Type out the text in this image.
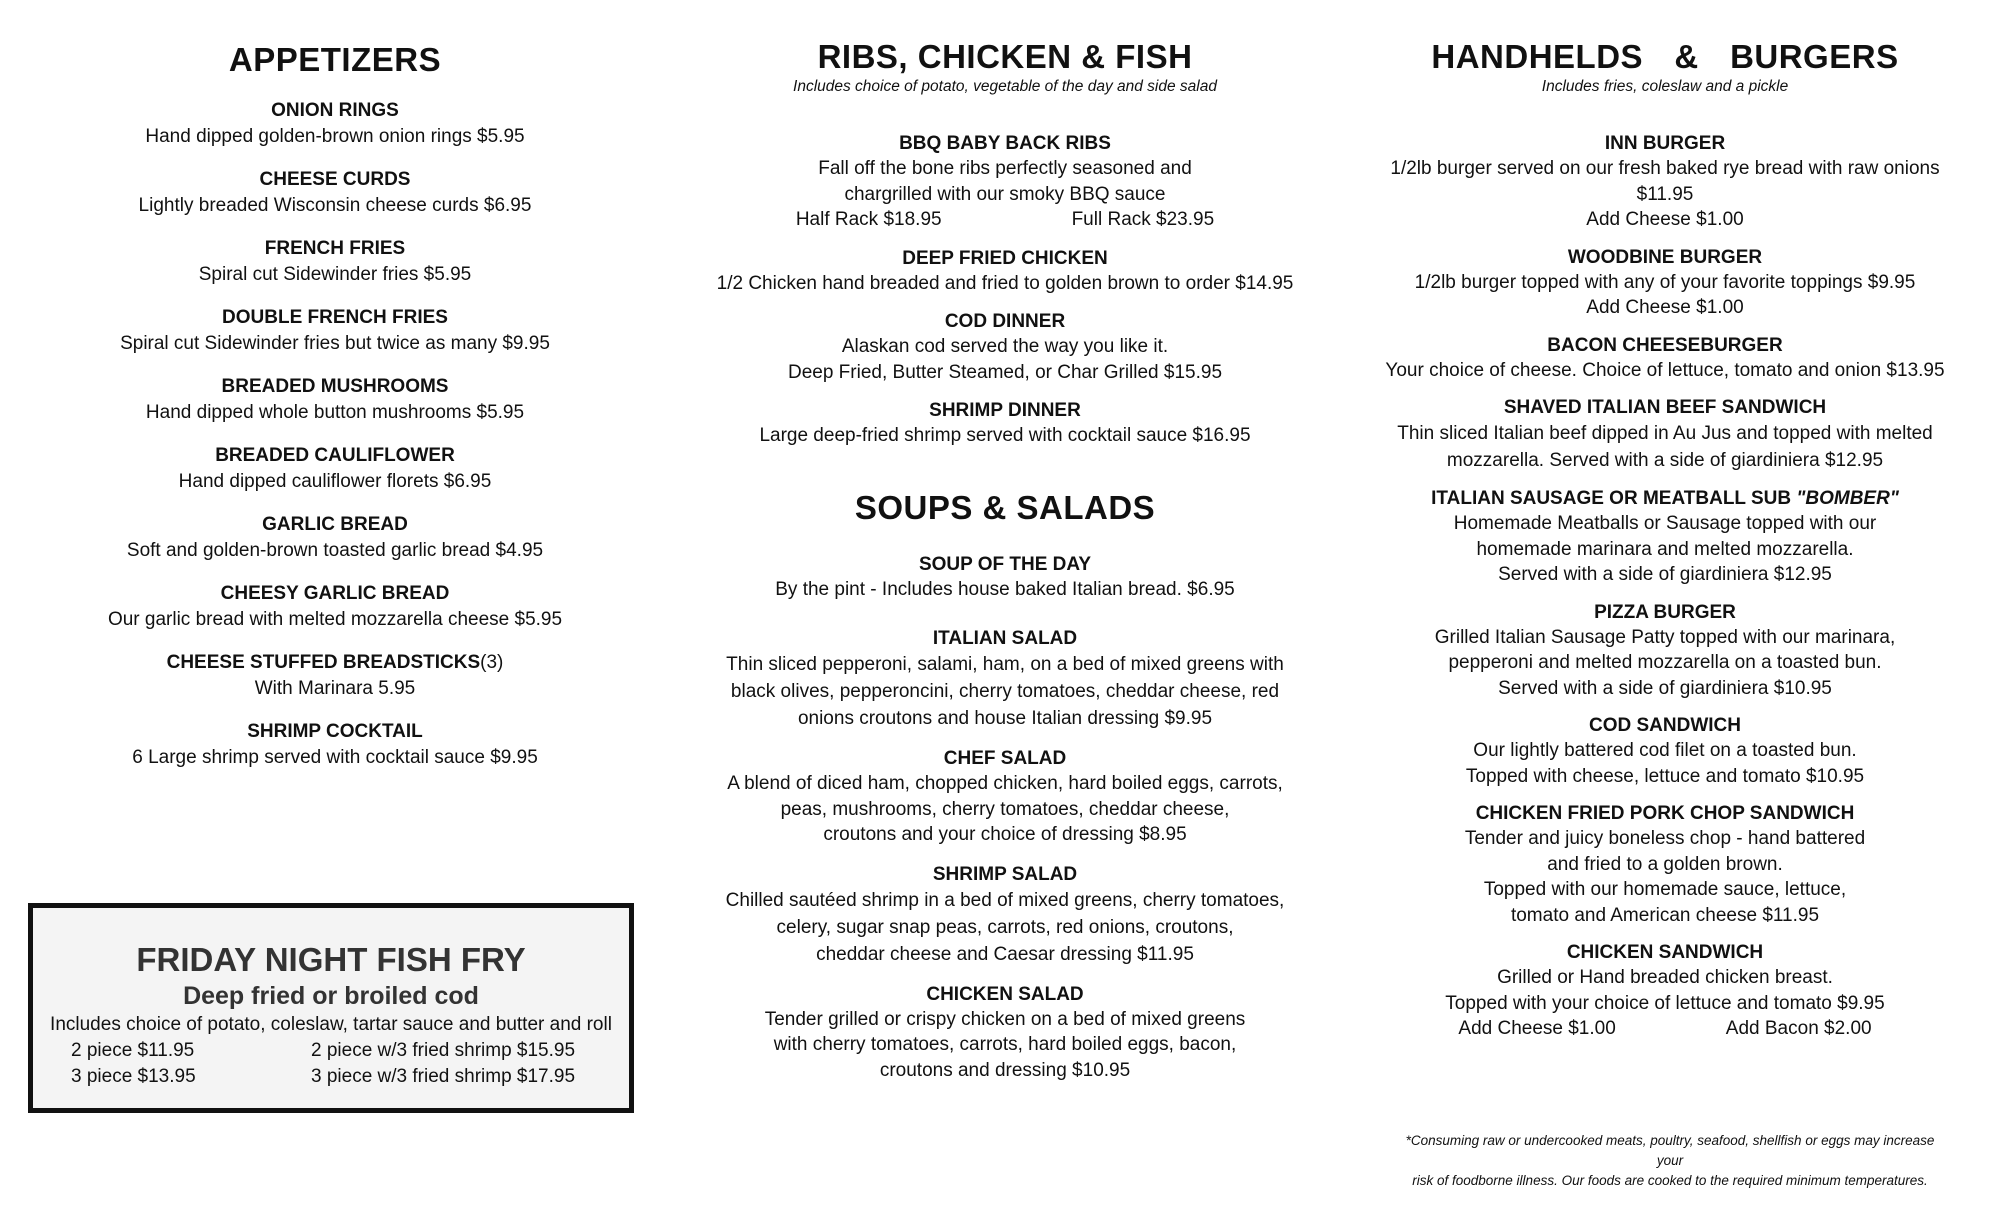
APPETIZERS
ONION RINGS
Hand dipped golden-brown onion rings $5.95
CHEESE CURDS
Lightly breaded Wisconsin cheese curds $6.95
FRENCH FRIES
Spiral cut Sidewinder fries $5.95
DOUBLE FRENCH FRIES
Spiral cut Sidewinder fries but twice as many $9.95
BREADED MUSHROOMS
Hand dipped whole button mushrooms $5.95
BREADED CAULIFLOWER
Hand dipped cauliflower florets $6.95
GARLIC BREAD
Soft and golden-brown toasted garlic bread $4.95
CHEESY GARLIC BREAD
Our garlic bread with melted mozzarella cheese $5.95
CHEESE STUFFED BREADSTICKS(3)
With Marinara 5.95
SHRIMP COCKTAIL
6 Large shrimp served with cocktail sauce $9.95
FRIDAY NIGHT FISH FRY
Deep fried or broiled cod
Includes choice of potato, coleslaw, tartar sauce and butter and roll
2 piece $11.95	2 piece w/3 fried shrimp $15.95
3 piece $13.95	3 piece w/3 fried shrimp $17.95
RIBS, CHICKEN & FISH
Includes choice of potato, vegetable of the day and side salad
BBQ BABY BACK RIBS
Fall off the bone ribs perfectly seasoned and
chargrilled with our smoky BBQ sauce
Half Rack $18.95	Full Rack $23.95
DEEP FRIED CHICKEN
1/2 Chicken hand breaded and fried to golden brown to order $14.95
COD DINNER
Alaskan cod served the way you like it.
Deep Fried, Butter Steamed, or Char Grilled $15.95
SHRIMP DINNER
Large deep-fried shrimp served with cocktail sauce $16.95
SOUPS & SALADS
SOUP OF THE DAY
By the pint - Includes house baked Italian bread. $6.95
ITALIAN SALAD
Thin sliced pepperoni, salami, ham, on a bed of mixed greens with
black olives, pepperoncini, cherry tomatoes, cheddar cheese, red
onions croutons and house Italian dressing $9.95
CHEF SALAD
A blend of diced ham, chopped chicken, hard boiled eggs, carrots,
peas, mushrooms, cherry tomatoes, cheddar cheese,
croutons and your choice of dressing $8.95
SHRIMP SALAD
Chilled sautéed shrimp in a bed of mixed greens, cherry tomatoes,
celery, sugar snap peas, carrots, red onions, croutons,
cheddar cheese and Caesar dressing $11.95
CHICKEN SALAD
Tender grilled or crispy chicken on a bed of mixed greens
with cherry tomatoes, carrots, hard boiled eggs, bacon,
croutons and dressing $10.95
HANDHELDS  &  BURGERS
Includes fries, coleslaw and a pickle
INN BURGER
1/2lb burger served on our fresh baked rye bread with raw onions
$11.95
Add Cheese $1.00
WOODBINE BURGER
1/2lb burger topped with any of your favorite toppings $9.95
Add Cheese $1.00
BACON CHEESEBURGER
Your choice of cheese. Choice of lettuce, tomato and onion $13.95
SHAVED ITALIAN BEEF SANDWICH
Thin sliced Italian beef dipped in Au Jus and topped with melted
mozzarella. Served with a side of giardiniera $12.95
ITALIAN SAUSAGE OR MEATBALL SUB "BOMBER"
Homemade Meatballs or Sausage topped with our
homemade marinara and melted mozzarella.
Served with a side of giardiniera $12.95
PIZZA BURGER
Grilled Italian Sausage Patty topped with our marinara,
pepperoni and melted mozzarella on a toasted bun.
Served with a side of giardiniera $10.95
COD SANDWICH
Our lightly battered cod filet on a toasted bun.
Topped with cheese, lettuce and tomato $10.95
CHICKEN FRIED PORK CHOP SANDWICH
Tender and juicy boneless chop - hand battered
and fried to a golden brown.
Topped with our homemade sauce, lettuce,
tomato and American cheese $11.95
CHICKEN SANDWICH
Grilled or Hand breaded chicken breast.
Topped with your choice of lettuce and tomato $9.95
Add Cheese $1.00	Add Bacon $2.00
*Consuming raw or undercooked meats, poultry, seafood, shellfish or eggs may increase your
risk of foodborne illness. Our foods are cooked to the required minimum temperatures.
